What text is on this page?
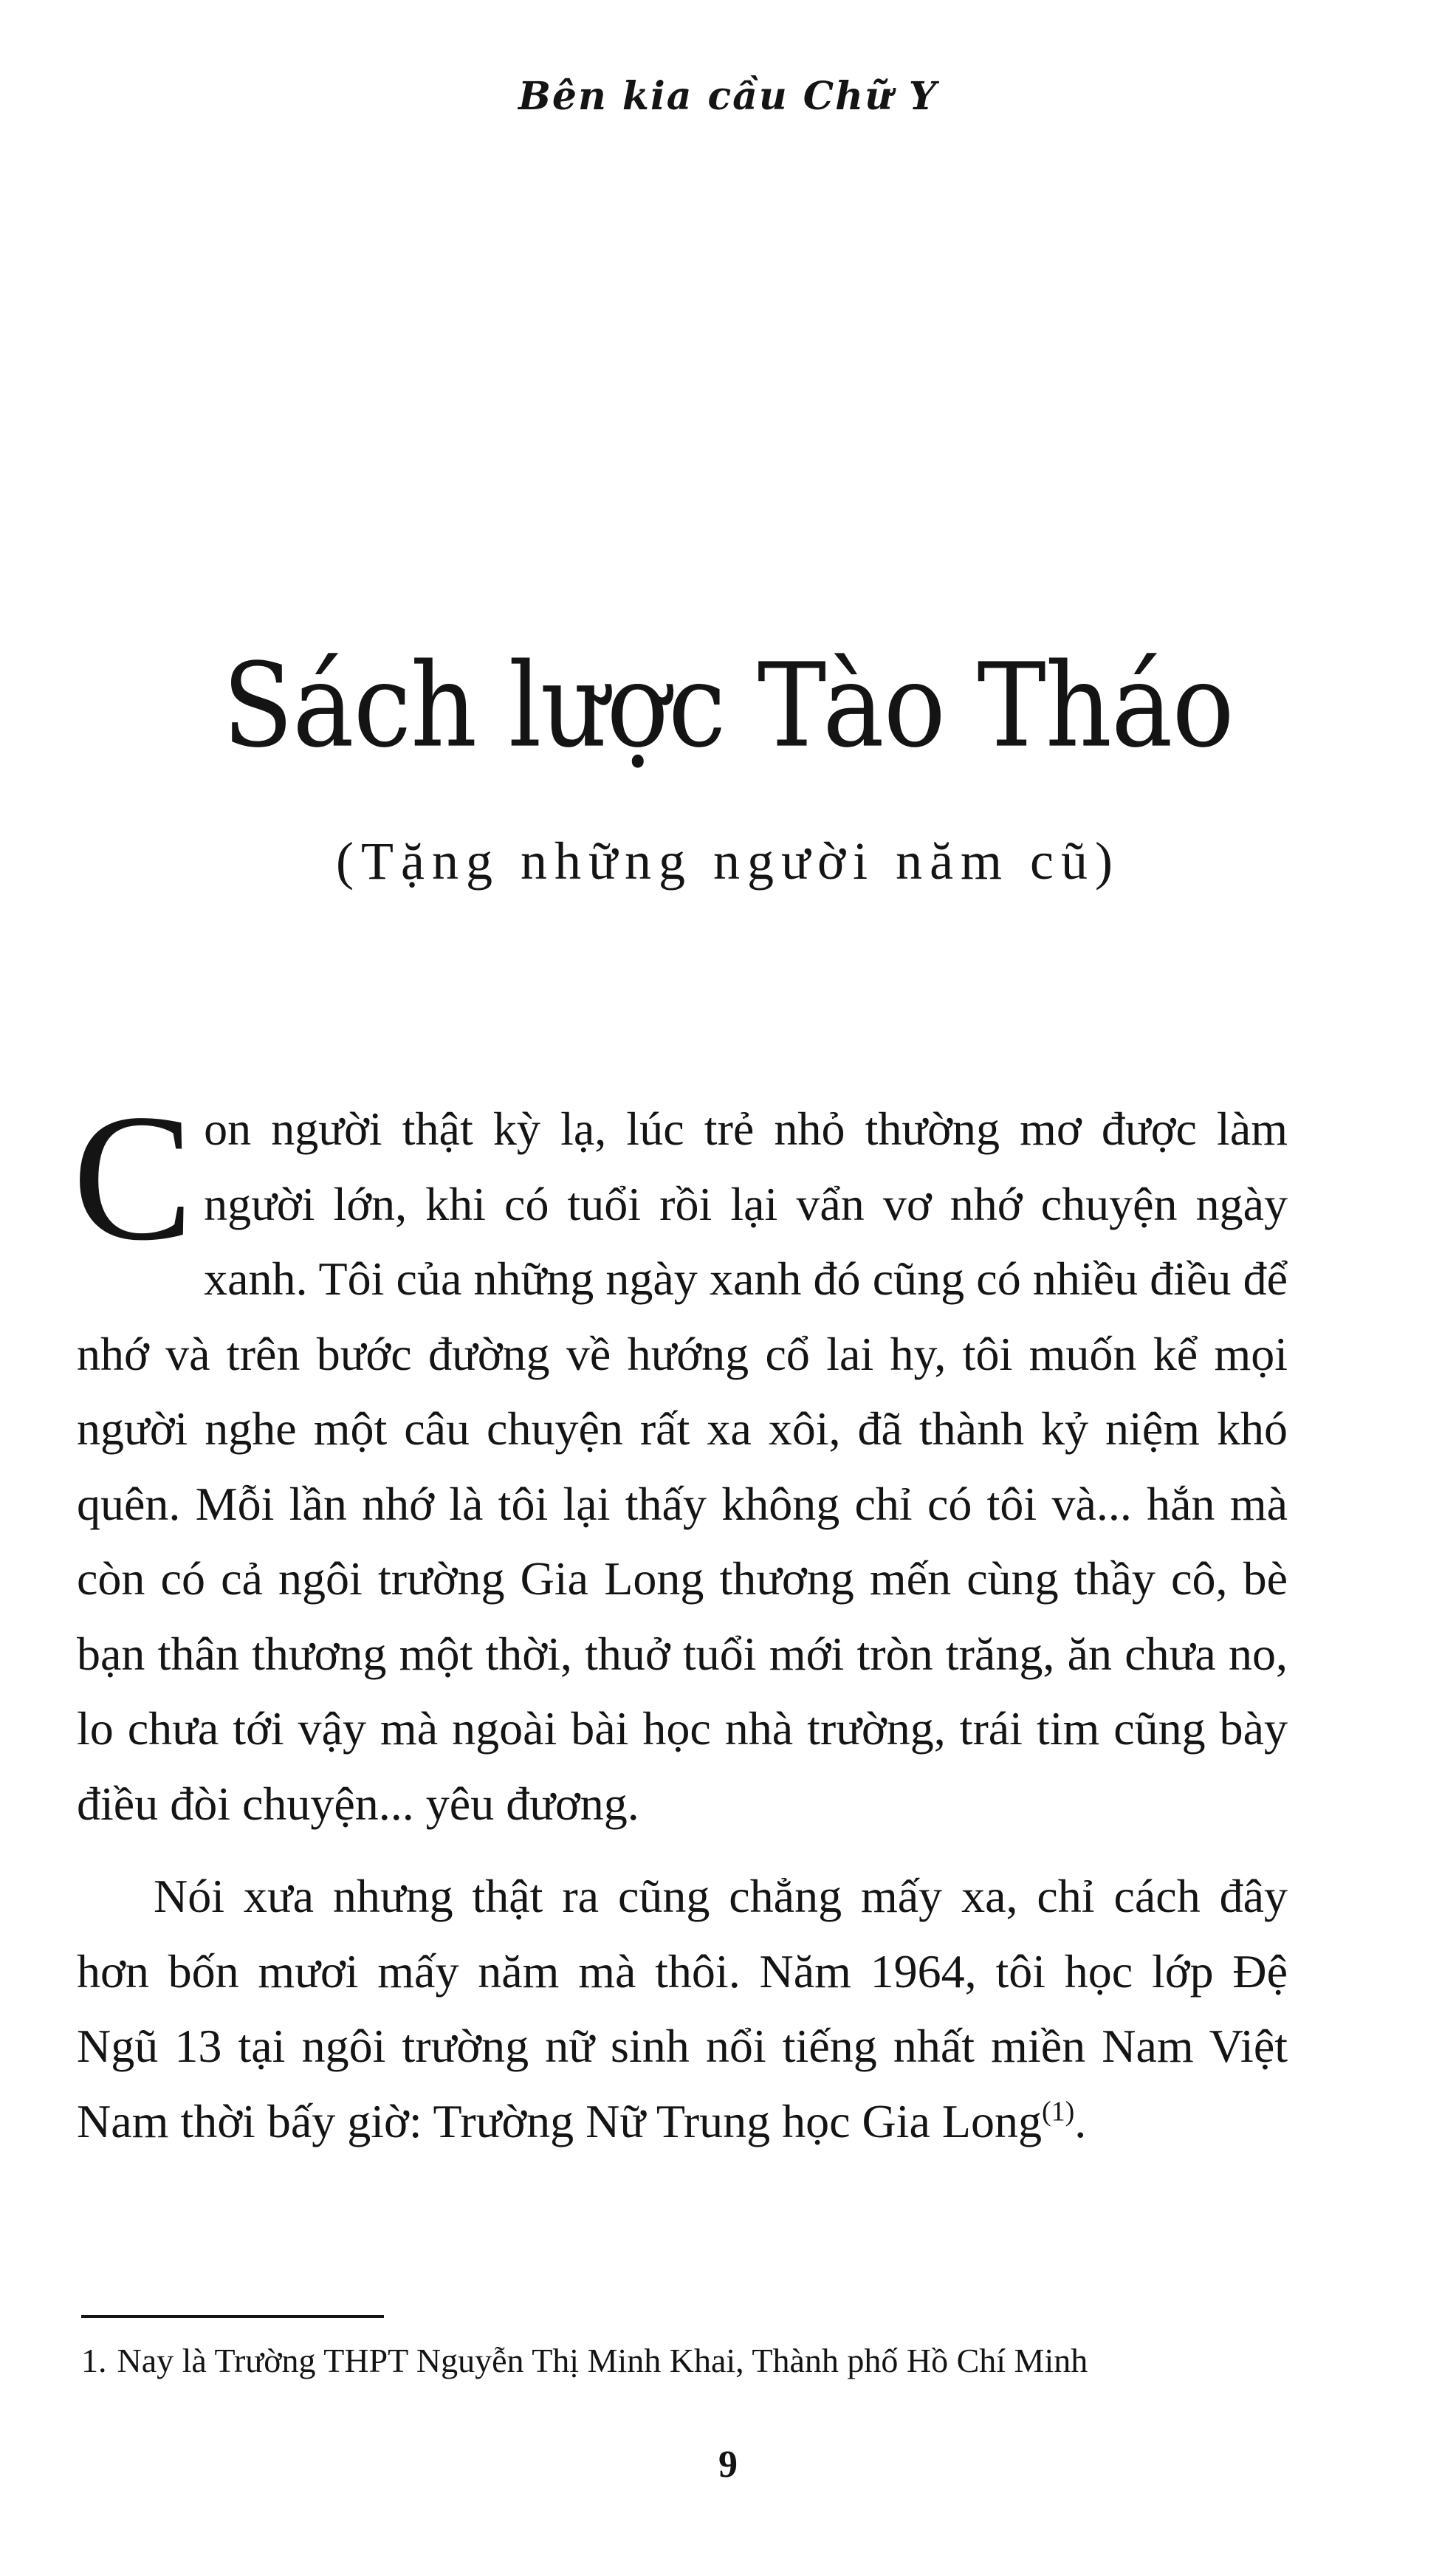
Bên kia cầu Chữ Y
Sách lược Tào Tháo
(Tặng những người năm cũ)

Con người thật kỳ lạ, lúc trẻ nhỏ thường mơ được làm người lớn, khi có tuổi rồi lại vẩn vơ nhớ chuyện ngày xanh. Tôi của những ngày xanh đó cũng có nhiều điều để nhớ và trên bước đường về hướng cổ lai hy, tôi muốn kể mọi người nghe một câu chuyện rất xa xôi, đã thành kỷ niệm khó quên. Mỗi lần nhớ là tôi lại thấy không chỉ có tôi và... hắn mà còn có cả ngôi trường Gia Long thương mến cùng thầy cô, bè bạn thân thương một thời, thuở tuổi mới tròn trăng, ăn chưa no, lo chưa tới vậy mà ngoài bài học nhà trường, trái tim cũng bày điều đòi chuyện... yêu đương.

Nói xưa nhưng thật ra cũng chẳng mấy xa, chỉ cách đây hơn bốn mươi mấy năm mà thôi. Năm 1964, tôi học lớp Đệ Ngũ 13 tại ngôi trường nữ sinh nổi tiếng nhất miền Nam Việt Nam thời bấy giờ: Trường Nữ Trung học Gia Long$^{(1)}$.

1. Nay là Trường THPT Nguyễn Thị Minh Khai, Thành phố Hồ Chí Minh
9
